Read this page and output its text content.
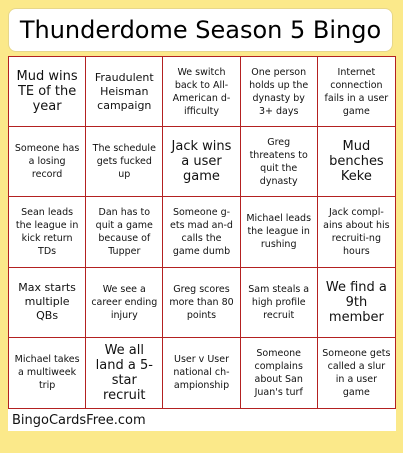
Thunderdome Season 5 Bingo
Mud wins TE of the year
Fraudulent Heisman campaign
We switch back to All-American d-ifficulty
One person holds up the dynasty by 3+ days
Internet connection fails in a user game
Someone has a losing record
The schedule gets fucked up
Jack wins a user game
Greg threatens to quit the dynasty
Mud benches Keke
Sean leads the league in kick return TDs
Dan has to quit a game because of Tupper
Someone g-ets mad an-d calls the game dumb
Michael leads the league in rushing
Jack compl-ains about his recruiti-ng hours
Max starts multiple QBs
We see a career ending injury
Greg scores more than 80 points
Sam steals a high profile recruit
We find a 9th member
Michael takes a multiweek trip
We all land a 5-star recruit
User v User national ch-ampionship
Someone complains about San Juan's turf
Someone gets called a slur in a user game
BingoCardsFree.com
